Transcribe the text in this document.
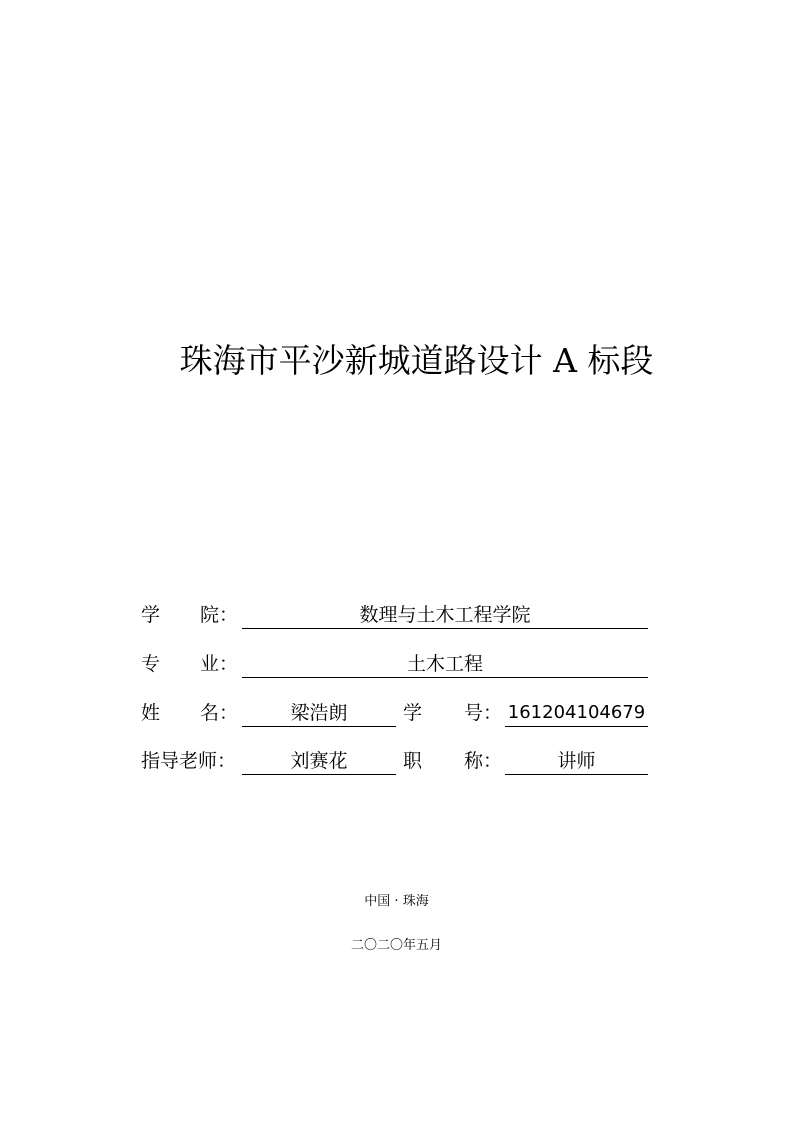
珠海市平沙新城道路设计 A 标段
学 院：	数理与土木工程学院
专 业：	土木工程
姓 名：	梁浩朗	学 号： 161204104679
指导老师：	刘赛花	职 称：	讲师
中国 · 珠海
二〇二〇年五月
